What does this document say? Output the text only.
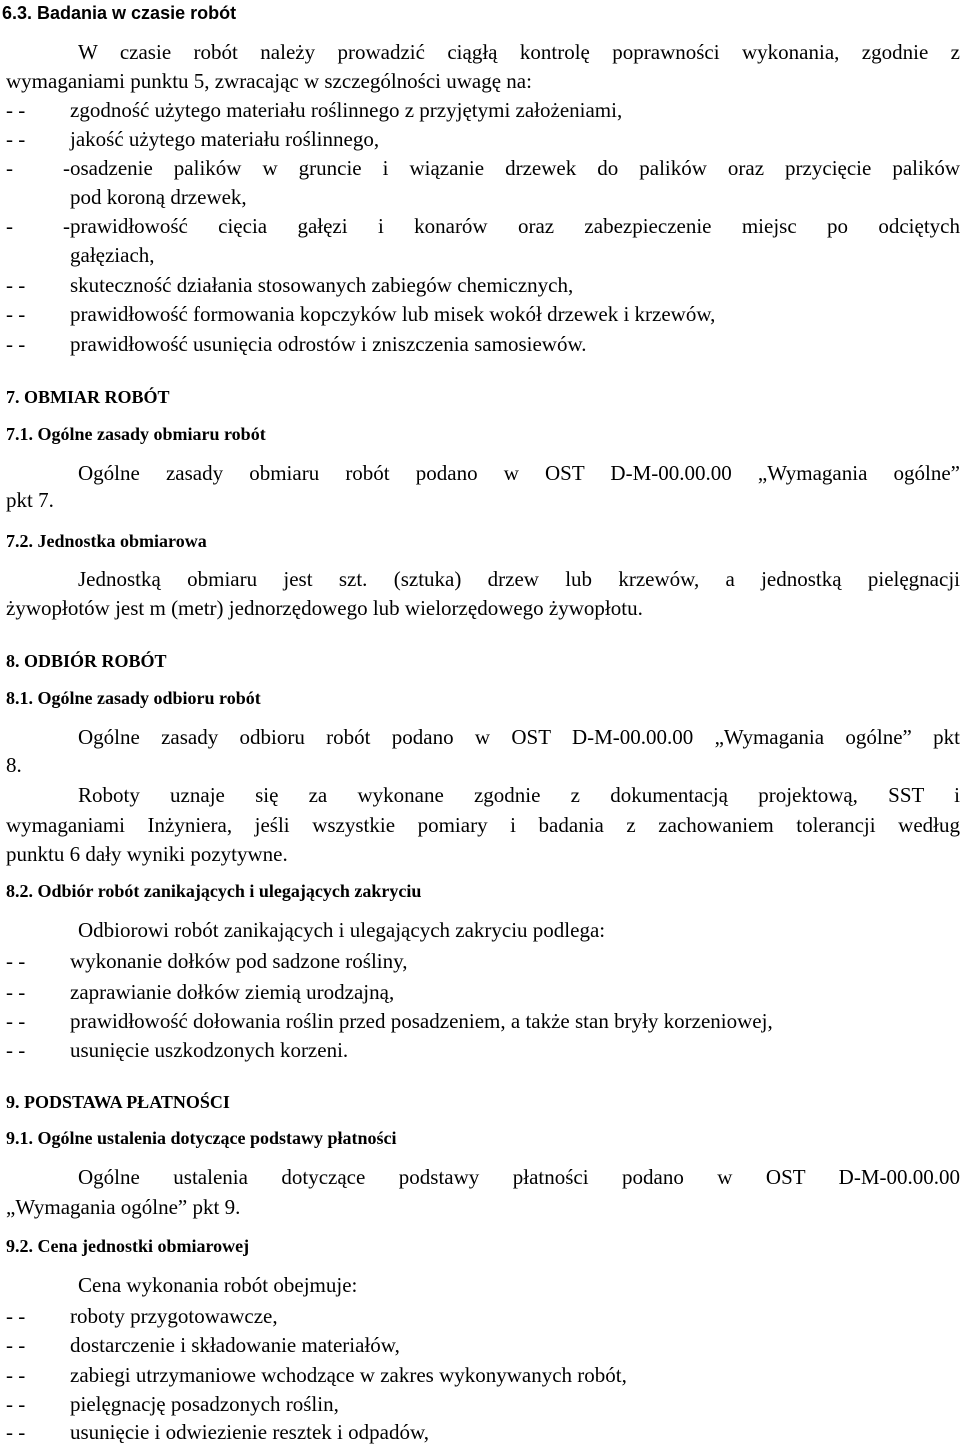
6.3. Badania w czasie robót

W czasie robót należy prowadzić ciągłą kontrolę poprawności wykonania, zgodnie z

wymaganiami punktu 5, zwracając w szczególności uwagę na:

- - zgodność użytego materiału roślinnego z przyjętymi założeniami,
- - jakość użytego materiału roślinnego,
- -osadzenie palików w gruncie i wiązanie drzewek do palików oraz przycięcie palików
pod koroną drzewek,
- -prawidłowość cięcia gałęzi i konarów oraz zabezpieczenie miejsc po odciętych
gałęziach,
- - skuteczność działania stosowanych zabiegów chemicznych,
- - prawidłowość formowania kopczyków lub misek wokół drzewek i krzewów,
- - prawidłowość usunięcia odrostów i zniszczenia samosiewów.
7. OBMIAR ROBÓT
7.1. Ogólne zasady obmiaru robót

Ogólne zasady obmiaru robót podano w OST D-M-00.00.00 „Wymagania ogólne”

pkt 7.

7.2. Jednostka obmiarowa

Jednostką obmiaru jest szt. (sztuka) drzew lub krzewów, a jednostką pielęgnacji

żywopłotów jest m (metr) jednorzędowego lub wielorzędowego żywopłotu.

8. ODBIÓR ROBÓT
8.1. Ogólne zasady odbioru robót

Ogólne zasady odbioru robót podano w OST D-M-00.00.00 „Wymagania ogólne” pkt

8.

Roboty uznaje się za wykonane zgodnie z dokumentacją projektową, SST i

wymaganiami Inżyniera, jeśli wszystkie pomiary i badania z zachowaniem tolerancji według

punktu 6 dały wyniki pozytywne.

8.2. Odbiór robót zanikających i ulegających zakryciu

Odbiorowi robót zanikających i ulegających zakryciu podlega:

- - wykonanie dołków pod sadzone rośliny,
- - zaprawianie dołków ziemią urodzajną,
- - prawidłowość dołowania roślin przed posadzeniem, a także stan bryły korzeniowej,
- - usunięcie uszkodzonych korzeni.
9. PODSTAWA PŁATNOŚCI
9.1. Ogólne ustalenia dotyczące podstawy płatności

Ogólne ustalenia dotyczące podstawy płatności podano w OST D-M-00.00.00

„Wymagania ogólne” pkt 9.

9.2. Cena jednostki obmiarowej

Cena wykonania robót obejmuje:

- - roboty przygotowawcze,
- - dostarczenie i składowanie materiałów,
- - zabiegi utrzymaniowe wchodzące w zakres wykonywanych robót,
- - pielęgnację posadzonych roślin,
- - usunięcie i odwiezienie resztek i odpadów,
